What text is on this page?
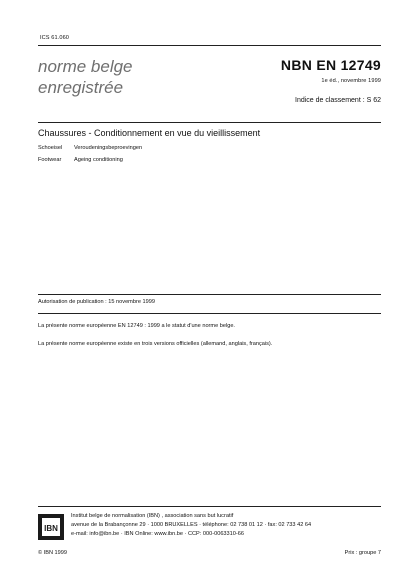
ICS 61.060
norme belge
enregistrée
NBN EN 12749
1e éd., novembre 1999
Indice de classement : S 62
Chaussures - Conditionnement en vue du vieillissement
Schoeisel Veroudeningsbeproevingen
Footwear Ageing conditioning
Autorisation de publication : 15 novembre 1999
La présente norme européenne EN 12749 : 1999 a le statut d'une norme belge.
La présente norme européenne existe en trois versions officielles (allemand, anglais, français).
IBN
Institut belge de normalisation (IBN) , association sans but lucratif
avenue de la Brabançonne 29 · 1000 BRUXELLES · téléphone: 02 738 01 12 · fax: 02 733 42 64
e-mail: info@ibn.be · IBN Online: www.ibn.be · CCP: 000-0063310-66
© IBN 1999	Prix : groupe 7
